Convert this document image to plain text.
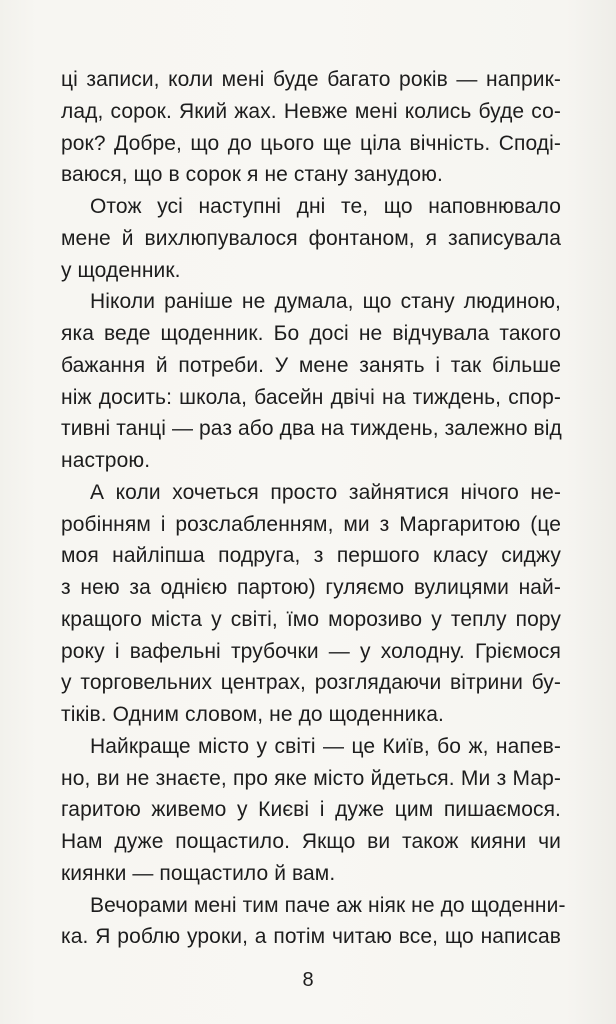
ці записи, коли мені буде багато років — наприк-
лад, сорок. Який жах. Невже мені колись буде со-
рок? Добре, що до цього ще ціла вічність. Сподi-
ваюся, що в сорок я не стану занудою.
Отож усі наступні дні те, що наповнювало
мене й вихлюпувалося фонтаном, я записувала
у щоденник.
Ніколи раніше не думала, що стану людиною,
яка веде щоденник. Бо досі не відчувала такого
бажання й потреби. У мене занять і так більше
ніж досить: школа, басейн двічі на тиждень, спор-
тивні танці — раз або два на тиждень, залежно від
настрою.
А коли хочеться просто зайнятися нічого не-
робінням і розслабленням, ми з Маргаритою (це
моя найліпша подруга, з першого класу сиджу
з нею за однією партою) гуляємо вулицями най-
кращого міста у світі, їмо морозиво у теплу пору
року і вафельні трубочки — у холодну. Гріємося
у торговельних центрах, розглядаючи вітрини бу-
тіків. Одним словом, не до щоденника.
Найкраще місто у світі — це Київ, бо ж, напев-
но, ви не знаєте, про яке місто йдеться. Ми з Мар-
гаритою живемо у Києві і дуже цим пишаємося.
Нам дуже пощастило. Якщо ви також кияни чи
киянки — пощастило й вам.
Вечорами мені тим паче аж ніяк не до щоденни-
ка. Я роблю уроки, а потім читаю все, що написав
8
